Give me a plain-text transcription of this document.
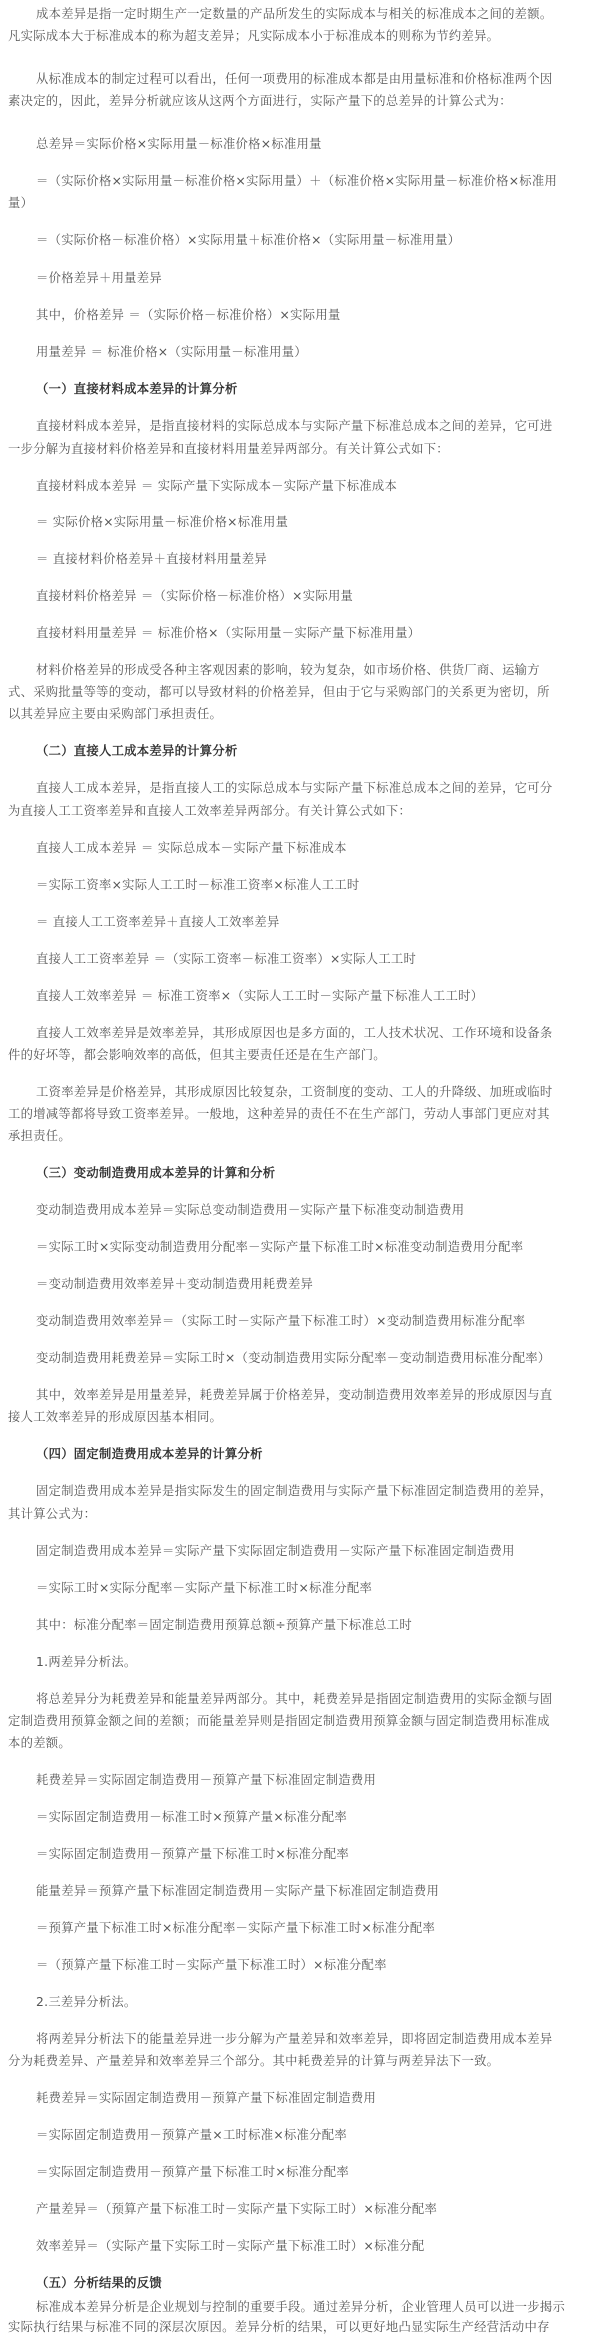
成本差异是指一定时期生产一定数量的产品所发生的实际成本与相关的标准成本之间的差额。
凡实际成本大于标准成本的称为超支差异；凡实际成本小于标准成本的则称为节约差异。
从标准成本的制定过程可以看出，任何一项费用的标准成本都是由用量标准和价格标准两个因
素决定的，因此，差异分析就应该从这两个方面进行，实际产量下的总差异的计算公式为：
总差异＝实际价格×实际用量－标准价格×标准用量
＝（实际价格×实际用量－标准价格×实际用量）＋（标准价格×实际用量－标准价格×标准用
量）
＝（实际价格－标准价格）×实际用量＋标准价格×（实际用量－标准用量）
＝价格差异＋用量差异
其中，价格差异 ＝（实际价格－标准价格）×实际用量
用量差异 ＝ 标准价格×（实际用量－标准用量）
（一）直接材料成本差异的计算分析
直接材料成本差异，是指直接材料的实际总成本与实际产量下标准总成本之间的差异，它可进
一步分解为直接材料价格差异和直接材料用量差异两部分。有关计算公式如下：
直接材料成本差异 ＝ 实际产量下实际成本－实际产量下标准成本
＝ 实际价格×实际用量－标准价格×标准用量
＝ 直接材料价格差异＋直接材料用量差异
直接材料价格差异 ＝（实际价格－标准价格）×实际用量
直接材料用量差异 ＝ 标准价格×（实际用量－实际产量下标准用量）
材料价格差异的形成受各种主客观因素的影响，较为复杂，如市场价格、供货厂商、运输方
式、采购批量等等的变动，都可以导致材料的价格差异，但由于它与采购部门的关系更为密切，所
以其差异应主要由采购部门承担责任。
（二）直接人工成本差异的计算分析
直接人工成本差异，是指直接人工的实际总成本与实际产量下标准总成本之间的差异，它可分
为直接人工工资率差异和直接人工效率差异两部分。有关计算公式如下：
直接人工成本差异 ＝ 实际总成本－实际产量下标准成本
＝实际工资率×实际人工工时－标准工资率×标准人工工时
＝ 直接人工工资率差异＋直接人工效率差异
直接人工工资率差异 ＝（实际工资率－标准工资率）×实际人工工时
直接人工效率差异 ＝ 标准工资率×（实际人工工时－实际产量下标准人工工时）
直接人工效率差异是效率差异，其形成原因也是多方面的，工人技术状况、工作环境和设备条
件的好坏等，都会影响效率的高低，但其主要责任还是在生产部门。
工资率差异是价格差异，其形成原因比较复杂，工资制度的变动、工人的升降级、加班或临时
工的增减等都将导致工资率差异。一般地，这种差异的责任不在生产部门，劳动人事部门更应对其
承担责任。
（三）变动制造费用成本差异的计算和分析
变动制造费用成本差异＝实际总变动制造费用－实际产量下标准变动制造费用
＝实际工时×实际变动制造费用分配率－实际产量下标准工时×标准变动制造费用分配率
＝变动制造费用效率差异＋变动制造费用耗费差异
变动制造费用效率差异＝（实际工时－实际产量下标准工时）×变动制造费用标准分配率
变动制造费用耗费差异＝实际工时×（变动制造费用实际分配率－变动制造费用标准分配率）
其中，效率差异是用量差异，耗费差异属于价格差异，变动制造费用效率差异的形成原因与直
接人工效率差异的形成原因基本相同。
（四）固定制造费用成本差异的计算分析
固定制造费用成本差异是指实际发生的固定制造费用与实际产量下标准固定制造费用的差异，
其计算公式为：
固定制造费用成本差异＝实际产量下实际固定制造费用－实际产量下标准固定制造费用
＝实际工时×实际分配率－实际产量下标准工时×标准分配率
其中：标准分配率＝固定制造费用预算总额÷预算产量下标准总工时
1.两差异分析法。
将总差异分为耗费差异和能量差异两部分。其中，耗费差异是指固定制造费用的实际金额与固
定制造费用预算金额之间的差额；而能量差异则是指固定制造费用预算金额与固定制造费用标准成
本的差额。
耗费差异＝实际固定制造费用－预算产量下标准固定制造费用
＝实际固定制造费用－标准工时×预算产量×标准分配率
＝实际固定制造费用－预算产量下标准工时×标准分配率
能量差异＝预算产量下标准固定制造费用－实际产量下标准固定制造费用
＝预算产量下标准工时×标准分配率－实际产量下标准工时×标准分配率
＝（预算产量下标准工时－实际产量下标准工时）×标准分配率
2.三差异分析法。
将两差异分析法下的能量差异进一步分解为产量差异和效率差异，即将固定制造费用成本差异
分为耗费差异、产量差异和效率差异三个部分。其中耗费差异的计算与两差异法下一致。
耗费差异＝实际固定制造费用－预算产量下标准固定制造费用
＝实际固定制造费用－预算产量×工时标准×标准分配率
＝实际固定制造费用－预算产量下标准工时×标准分配率
产量差异＝（预算产量下标准工时－实际产量下实际工时）×标准分配率
效率差异＝（实际产量下实际工时－实际产量下标准工时）×标准分配
（五）分析结果的反馈
标准成本差异分析是企业规划与控制的重要手段。通过差异分析，企业管理人员可以进一步揭示
实际执行结果与标准不同的深层次原因。差异分析的结果，可以更好地凸显实际生产经营活动中存
